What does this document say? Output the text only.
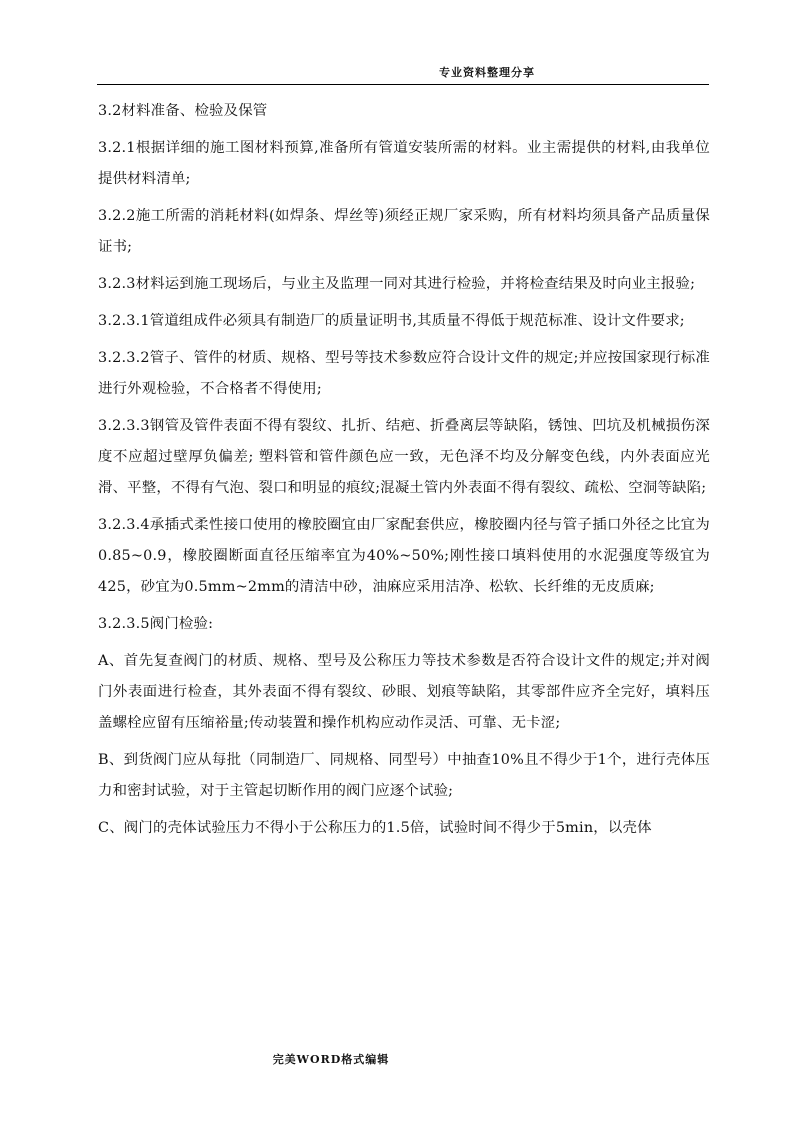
专业资料整理分享

3.2材料准备、检验及保管

3.2.1根据详细的施工图材料预算,准备所有管道安装所需的材料。业主需提供的材料,由我单位提供材料清单;

3.2.2施工所需的消耗材料(如焊条、焊丝等)须经正规厂家采购，所有材料均须具备产品质量保证书;

3.2.3材料运到施工现场后，与业主及监理一同对其进行检验，并将检查结果及时向业主报验;

3.2.3.1管道组成件必须具有制造厂的质量证明书,其质量不得低于规范标准、设计文件要求;

3.2.3.2管子、管件的材质、规格、型号等技术参数应符合设计文件的规定;并应按国家现行标准进行外观检验，不合格者不得使用;

3.2.3.3钢管及管件表面不得有裂纹、扎折、结疤、折叠离层等缺陷，锈蚀、凹坑及机械损伤深度不应超过壁厚负偏差; 塑料管和管件颜色应一致，无色泽不均及分解变色线，内外表面应光滑、平整，不得有气泡、裂口和明显的痕纹;混凝土管内外表面不得有裂纹、疏松、空洞等缺陷;

3.2.3.4承插式柔性接口使用的橡胶圈宜由厂家配套供应，橡胶圈内径与管子插口外径之比宜为0.85~0.9，橡胶圈断面直径压缩率宜为40%~50%;刚性接口填料使用的水泥强度等级宜为425，砂宜为0.5mm~2mm的清洁中砂，油麻应采用洁净、松软、长纤维的无皮质麻;

3.2.3.5阀门检验:

A、首先复查阀门的材质、规格、型号及公称压力等技术参数是否符合设计文件的规定;并对阀门外表面进行检查，其外表面不得有裂纹、砂眼、划痕等缺陷，其零部件应齐全完好，填料压盖螺栓应留有压缩裕量;传动装置和操作机构应动作灵活、可靠、无卡涩;

B、到货阀门应从每批（同制造厂、同规格、同型号）中抽查10%且不得少于1个，进行壳体压力和密封试验，对于主管起切断作用的阀门应逐个试验;

C、阀门的壳体试验压力不得小于公称压力的1.5倍，试验时间不得少于5min，以壳体

完美WORD格式编辑
